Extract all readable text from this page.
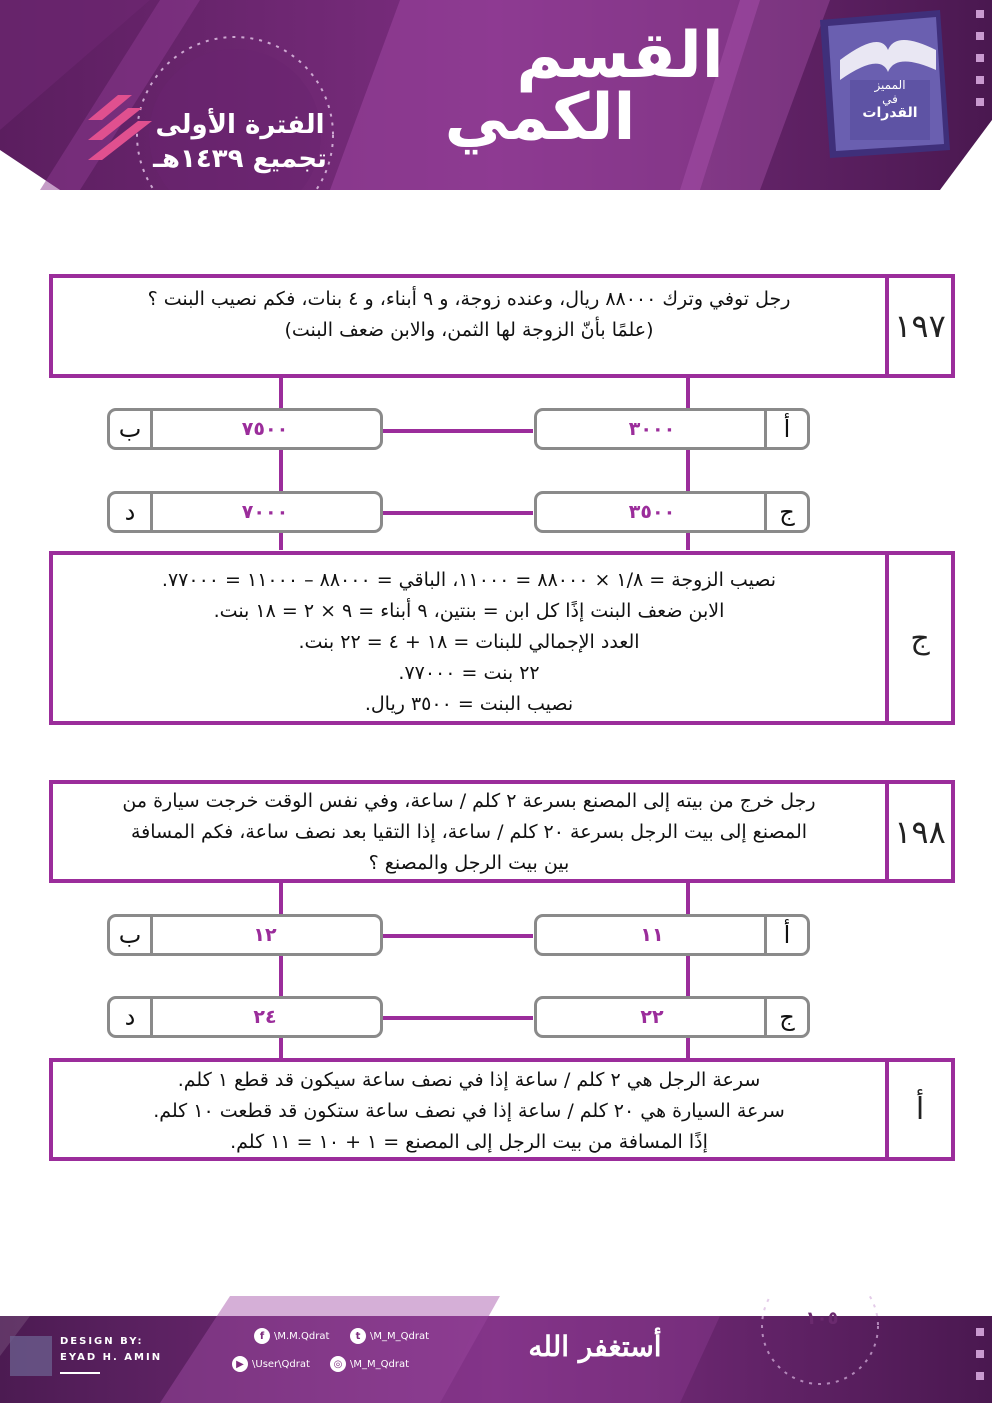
القسم
الكمي
الفترة الأولى
تجميع ١٤٣٩هـ
المميز
في
القدرات
١٩٧
رجل توفي وترك ٨٨٠٠٠ ريال، وعنده زوجة، و ٩ أبناء، و ٤ بنات، فكم نصيب البنت ؟
(علمًا بأنّ الزوجة لها الثمن، والابن ضعف البنت)
٣٠٠٠	أ
ب	٧٥٠٠
٣٥٠٠	ج
د	٧٠٠٠
ج
نصيب الزوجة = ١/٨ × ٨٨٠٠٠ = ١١٠٠٠، الباقي = ٨٨٠٠٠ – ١١٠٠٠ = ٧٧٠٠٠.
الابن ضعف البنت إذًا كل ابن = بنتين، ٩ أبناء = ٩ × ٢ = ١٨ بنت.
العدد الإجمالي للبنات = ١٨ + ٤ = ٢٢ بنت.
٢٢ بنت = ٧٧٠٠٠.
نصيب البنت = ٣٥٠٠ ريال.
١٩٨
رجل خرج من بيته إلى المصنع بسرعة ٢ كلم / ساعة، وفي نفس الوقت خرجت سيارة من
المصنع إلى بيت الرجل بسرعة ٢٠ كلم / ساعة، إذا التقيا بعد نصف ساعة، فكم المسافة
بين بيت الرجل والمصنع ؟
١١	أ
ب	١٢
٢٢	ج
د	٢٤
أ
سرعة الرجل هي ٢ كلم / ساعة إذا في نصف ساعة سيكون قد قطع ١ كلم.
سرعة السيارة هي ٢٠ كلم / ساعة إذا في نصف ساعة ستكون قد قطعت ١٠ كلم.
إذًا المسافة من بيت الرجل إلى المصنع = ١ + ١٠ = ١١ كلم.
١٠٥
DESIGN BY:
EYAD H. AMIN
f \M.M.Qdrat	t \M_M_Qdrat
▶ \User\Qdrat	◎ \M_M_Qdrat
أستغفر الله
